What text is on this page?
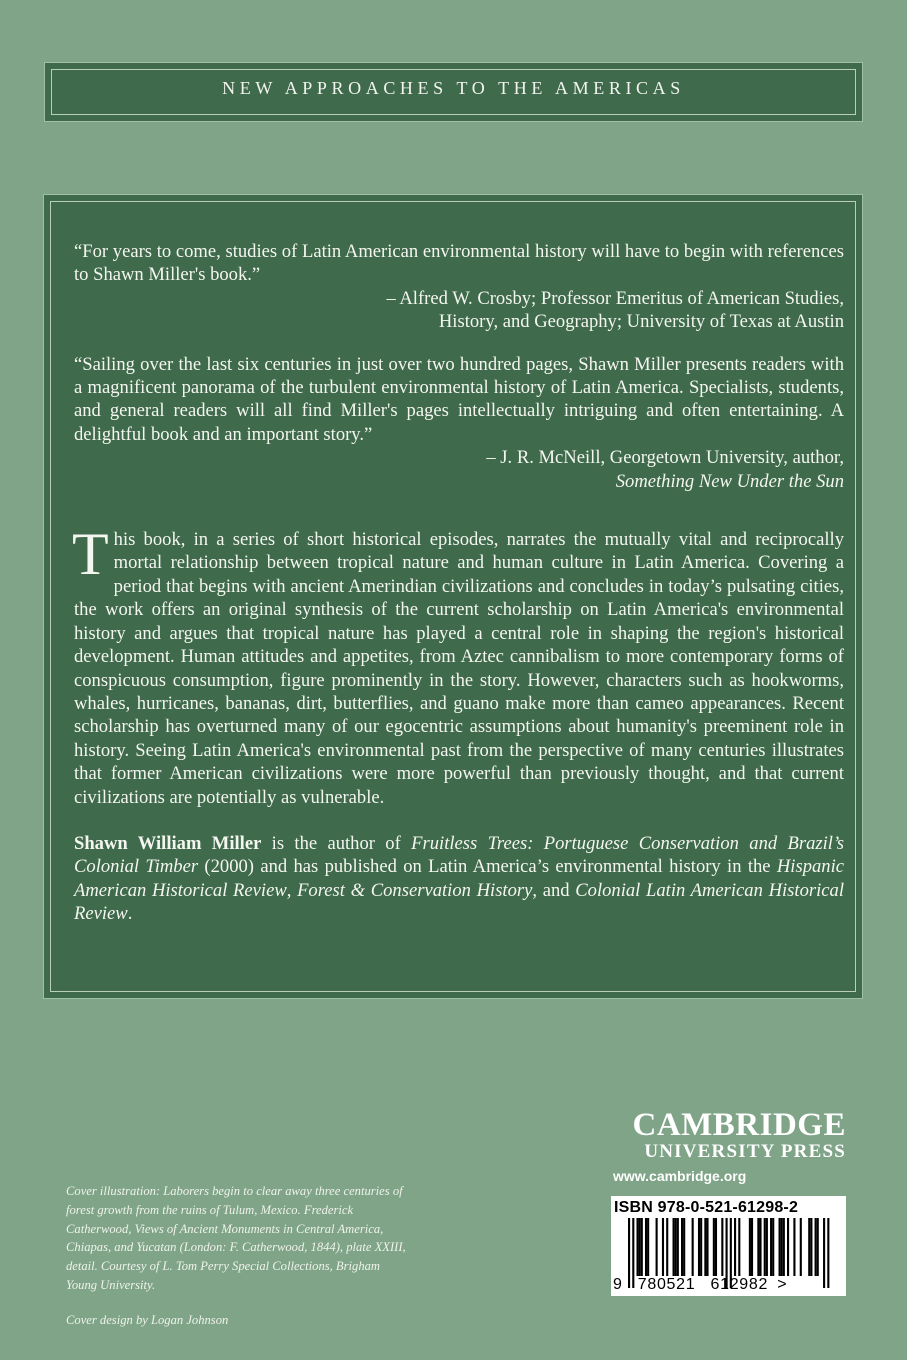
NEW APPROACHES TO THE AMERICAS

“For years to come, studies of Latin American environmental history will have to begin with references to Shawn Miller's book.”

– Alfred W. Crosby; Professor Emeritus of American Studies,

History, and Geography; University of Texas at Austin

“Sailing over the last six centuries in just over two hundred pages, Shawn Miller presents readers with a magnificent panorama of the turbulent environmental history of Latin America. Specialists, students, and general readers will all find Miller's pages intellectually intriguing and often entertaining. A delightful book and an important story.”

– J. R. McNeill, Georgetown University, author,

Something New Under the Sun

This book, in a series of short historical episodes, narrates the mutually vital and reciprocally mortal relationship between tropical nature and human culture in Latin America. Covering a period that begins with ancient Amerindian civilizations and concludes in today’s pulsating cities, the work offers an original synthesis of the current scholarship on Latin America's environmental history and argues that tropical nature has played a central role in shaping the region's historical development. Human attitudes and appetites, from Aztec cannibalism to more contemporary forms of conspicuous consumption, figure prominently in the story. However, characters such as hookworms, whales, hurricanes, bananas, dirt, butterflies, and guano make more than cameo appearances. Recent scholarship has overturned many of our egocentric assumptions about humanity's preeminent role in history. Seeing Latin America's environmental past from the perspective of many centuries illustrates that former American civilizations were more powerful than previously thought, and that current civilizations are potentially as vulnerable.
Shawn William Miller is the author of Fruitless Trees: Portuguese Conservation and Brazil’s Colonial Timber (2000) and has published on Latin America’s environmental history in the Hispanic American Historical Review, Forest & Conservation History, and Colonial Latin American Historical Review.
Cover illustration: Laborers begin to clear away three centuries of forest growth from the ruins of Tulum, Mexico. Frederick Catherwood, Views of Ancient Monuments in Central America, Chiapas, and Yucatan (London: F. Catherwood, 1844), plate XXIII, detail. Courtesy of L. Tom Perry Special Collections, Brigham Young University.
Cover design by Logan Johnson
CAMBRIDGE
UNIVERSITY PRESS
www.cambridge.org
ISBN 978-0-521-61298-2
9 780521 612982 >
